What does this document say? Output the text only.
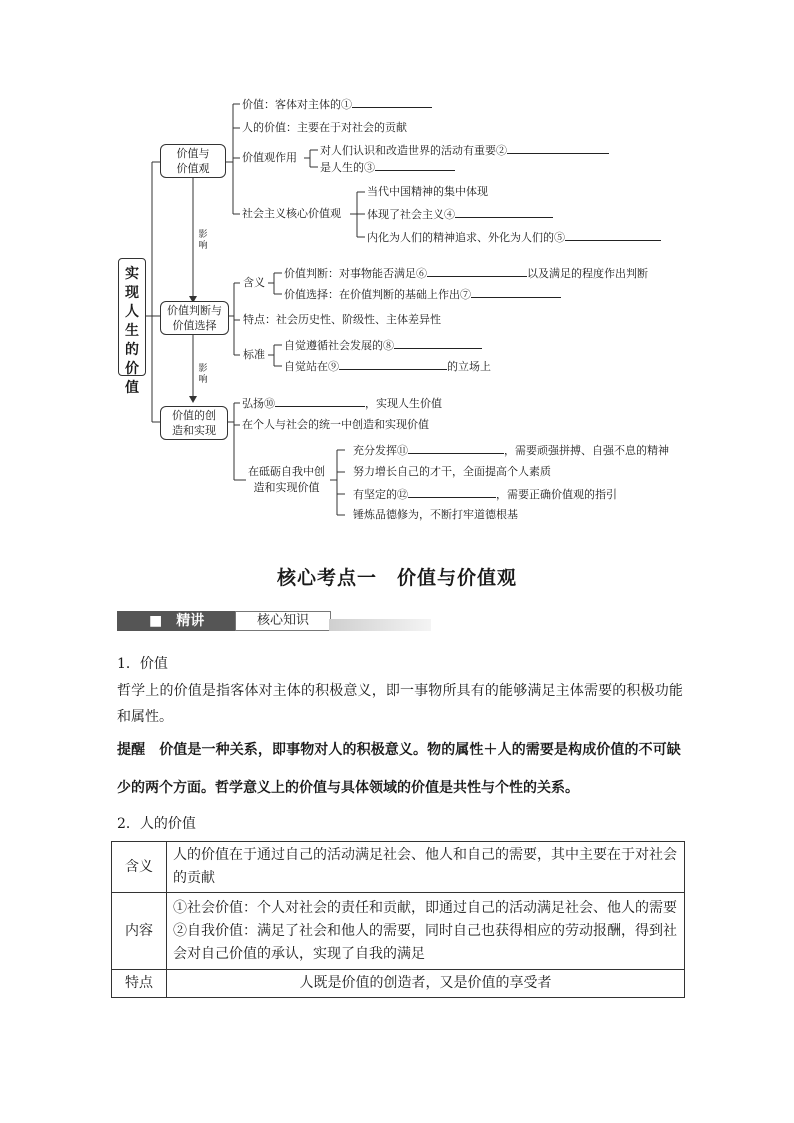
实现人生的价值
价值与
价值观
价值判断与
价值选择
价值的创
造和实现
影响
影响
价值：客体对主体的①
人的价值：主要在于对社会的贡献
价值观作用
对人们认识和改造世界的活动有重要②
是人生的③
社会主义核心价值观
当代中国精神的集中体现
体现了社会主义④
内化为人们的精神追求、外化为人们的⑤
含义
价值判断：对事物能否满足⑥	以及满足的程度作出判断
价值选择：在价值判断的基础上作出⑦
特点：社会历史性、阶级性、主体差异性
标准
自觉遵循社会发展的⑧
自觉站在⑨	的立场上
弘扬⑩	，实现人生价值
在个人与社会的统一中创造和实现价值
在砥砺自我中创
造和实现价值
充分发挥⑪	，需要顽强拼搏、自强不息的精神
努力增长自己的才干，全面提高个人素质
有坚定的⑫	，需要正确价值观的指引
锤炼品德修为，不断打牢道德根基
核心考点一　价值与价值观
■　精讲	核心知识
1．价值
哲学上的价值是指客体对主体的积极意义，即一事物所具有的能够满足主体需要的积极功能
和属性。
提醒 价值是一种关系，即事物对人的积极意义。物的属性＋人的需要是构成价值的不可缺
少的两个方面。哲学意义上的价值与具体领域的价值是共性与个性的关系。
2．人的价值
含义	人的价值在于通过自己的活动满足社会、他人和自己的需要，其中主要在于对社会
的贡献

内容	①社会价值：个人对社会的责任和贡献，即通过自己的活动满足社会、他人的需要
②自我价值：满足了社会和他人的需要，同时自己也获得相应的劳动报酬，得到社
会对自己价值的承认，实现了自我的满足

特点	人既是价值的创造者，又是价值的享受者
